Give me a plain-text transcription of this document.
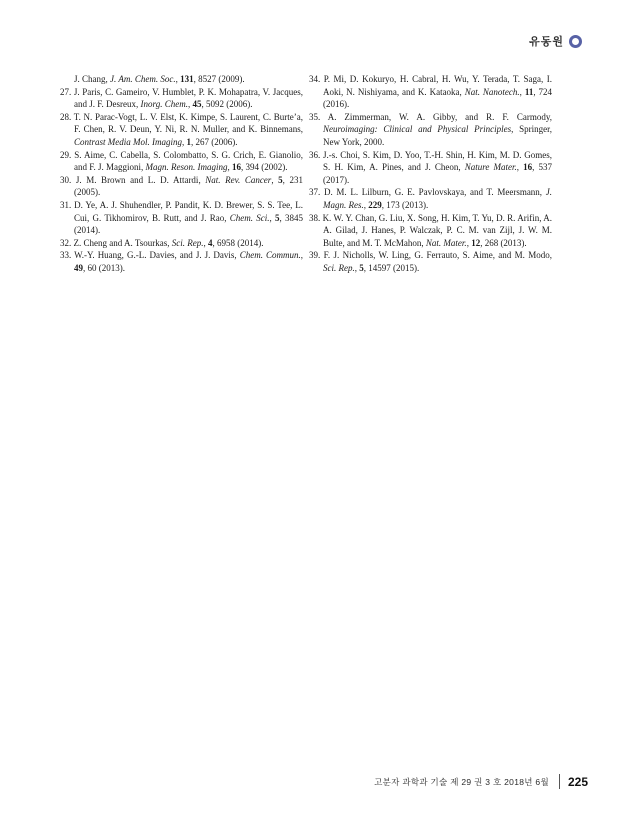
유동원
J. Chang, J. Am. Chem. Soc., 131, 8527 (2009).
27. J. Paris, C. Gameiro, V. Humblet, P. K. Mohapatra, V. Jacques, and J. F. Desreux, Inorg. Chem., 45, 5092 (2006).
28. T. N. Parac-Vogt, L. V. Elst, K. Kimpe, S. Laurent, C. Burte’a, F. Chen, R. V. Deun, Y. Ni, R. N. Muller, and K. Binnemans, Contrast Media Mol. Imaging, 1, 267 (2006).
29. S. Aime, C. Cabella, S. Colombatto, S. G. Crich, E. Gianolio, and F. J. Maggioni, Magn. Reson. Imaging, 16, 394 (2002).
30. J. M. Brown and L. D. Attardi, Nat. Rev. Cancer, 5, 231 (2005).
31. D. Ye, A. J. Shuhendler, P. Pandit, K. D. Brewer, S. S. Tee, L. Cui, G. Tikhomirov, B. Rutt, and J. Rao, Chem. Sci., 5, 3845 (2014).
32. Z. Cheng and A. Tsourkas, Sci. Rep., 4, 6958 (2014).
33. W.-Y. Huang, G.-L. Davies, and J. J. Davis, Chem. Commun., 49, 60 (2013).
34. P. Mi, D. Kokuryo, H. Cabral, H. Wu, Y. Terada, T. Saga, I. Aoki, N. Nishiyama, and K. Kataoka, Nat. Nanotech., 11, 724 (2016).
35. A. Zimmerman, W. A. Gibby, and R. F. Carmody, Neuroimaging: Clinical and Physical Principles, Springer, New York, 2000.
36. J.-s. Choi, S. Kim, D. Yoo, T.-H. Shin, H. Kim, M. D. Gomes, S. H. Kim, A. Pines, and J. Cheon, Nature Mater., 16, 537 (2017).
37. D. M. L. Lilburn, G. E. Pavlovskaya, and T. Meersmann, J. Magn. Res., 229, 173 (2013).
38. K. W. Y. Chan, G. Liu, X. Song, H. Kim, T. Yu, D. R. Arifin, A. A. Gilad, J. Hanes, P. Walczak, P. C. M. van Zijl, J. W. M. Bulte, and M. T. McMahon, Nat. Mater., 12, 268 (2013).
39. F. J. Nicholls, W. Ling, G. Ferrauto, S. Aime, and M. Modo, Sci. Rep., 5, 14597 (2015).
고분자 과학과 기술 제 29 권 3 호 2018년 6월 225
